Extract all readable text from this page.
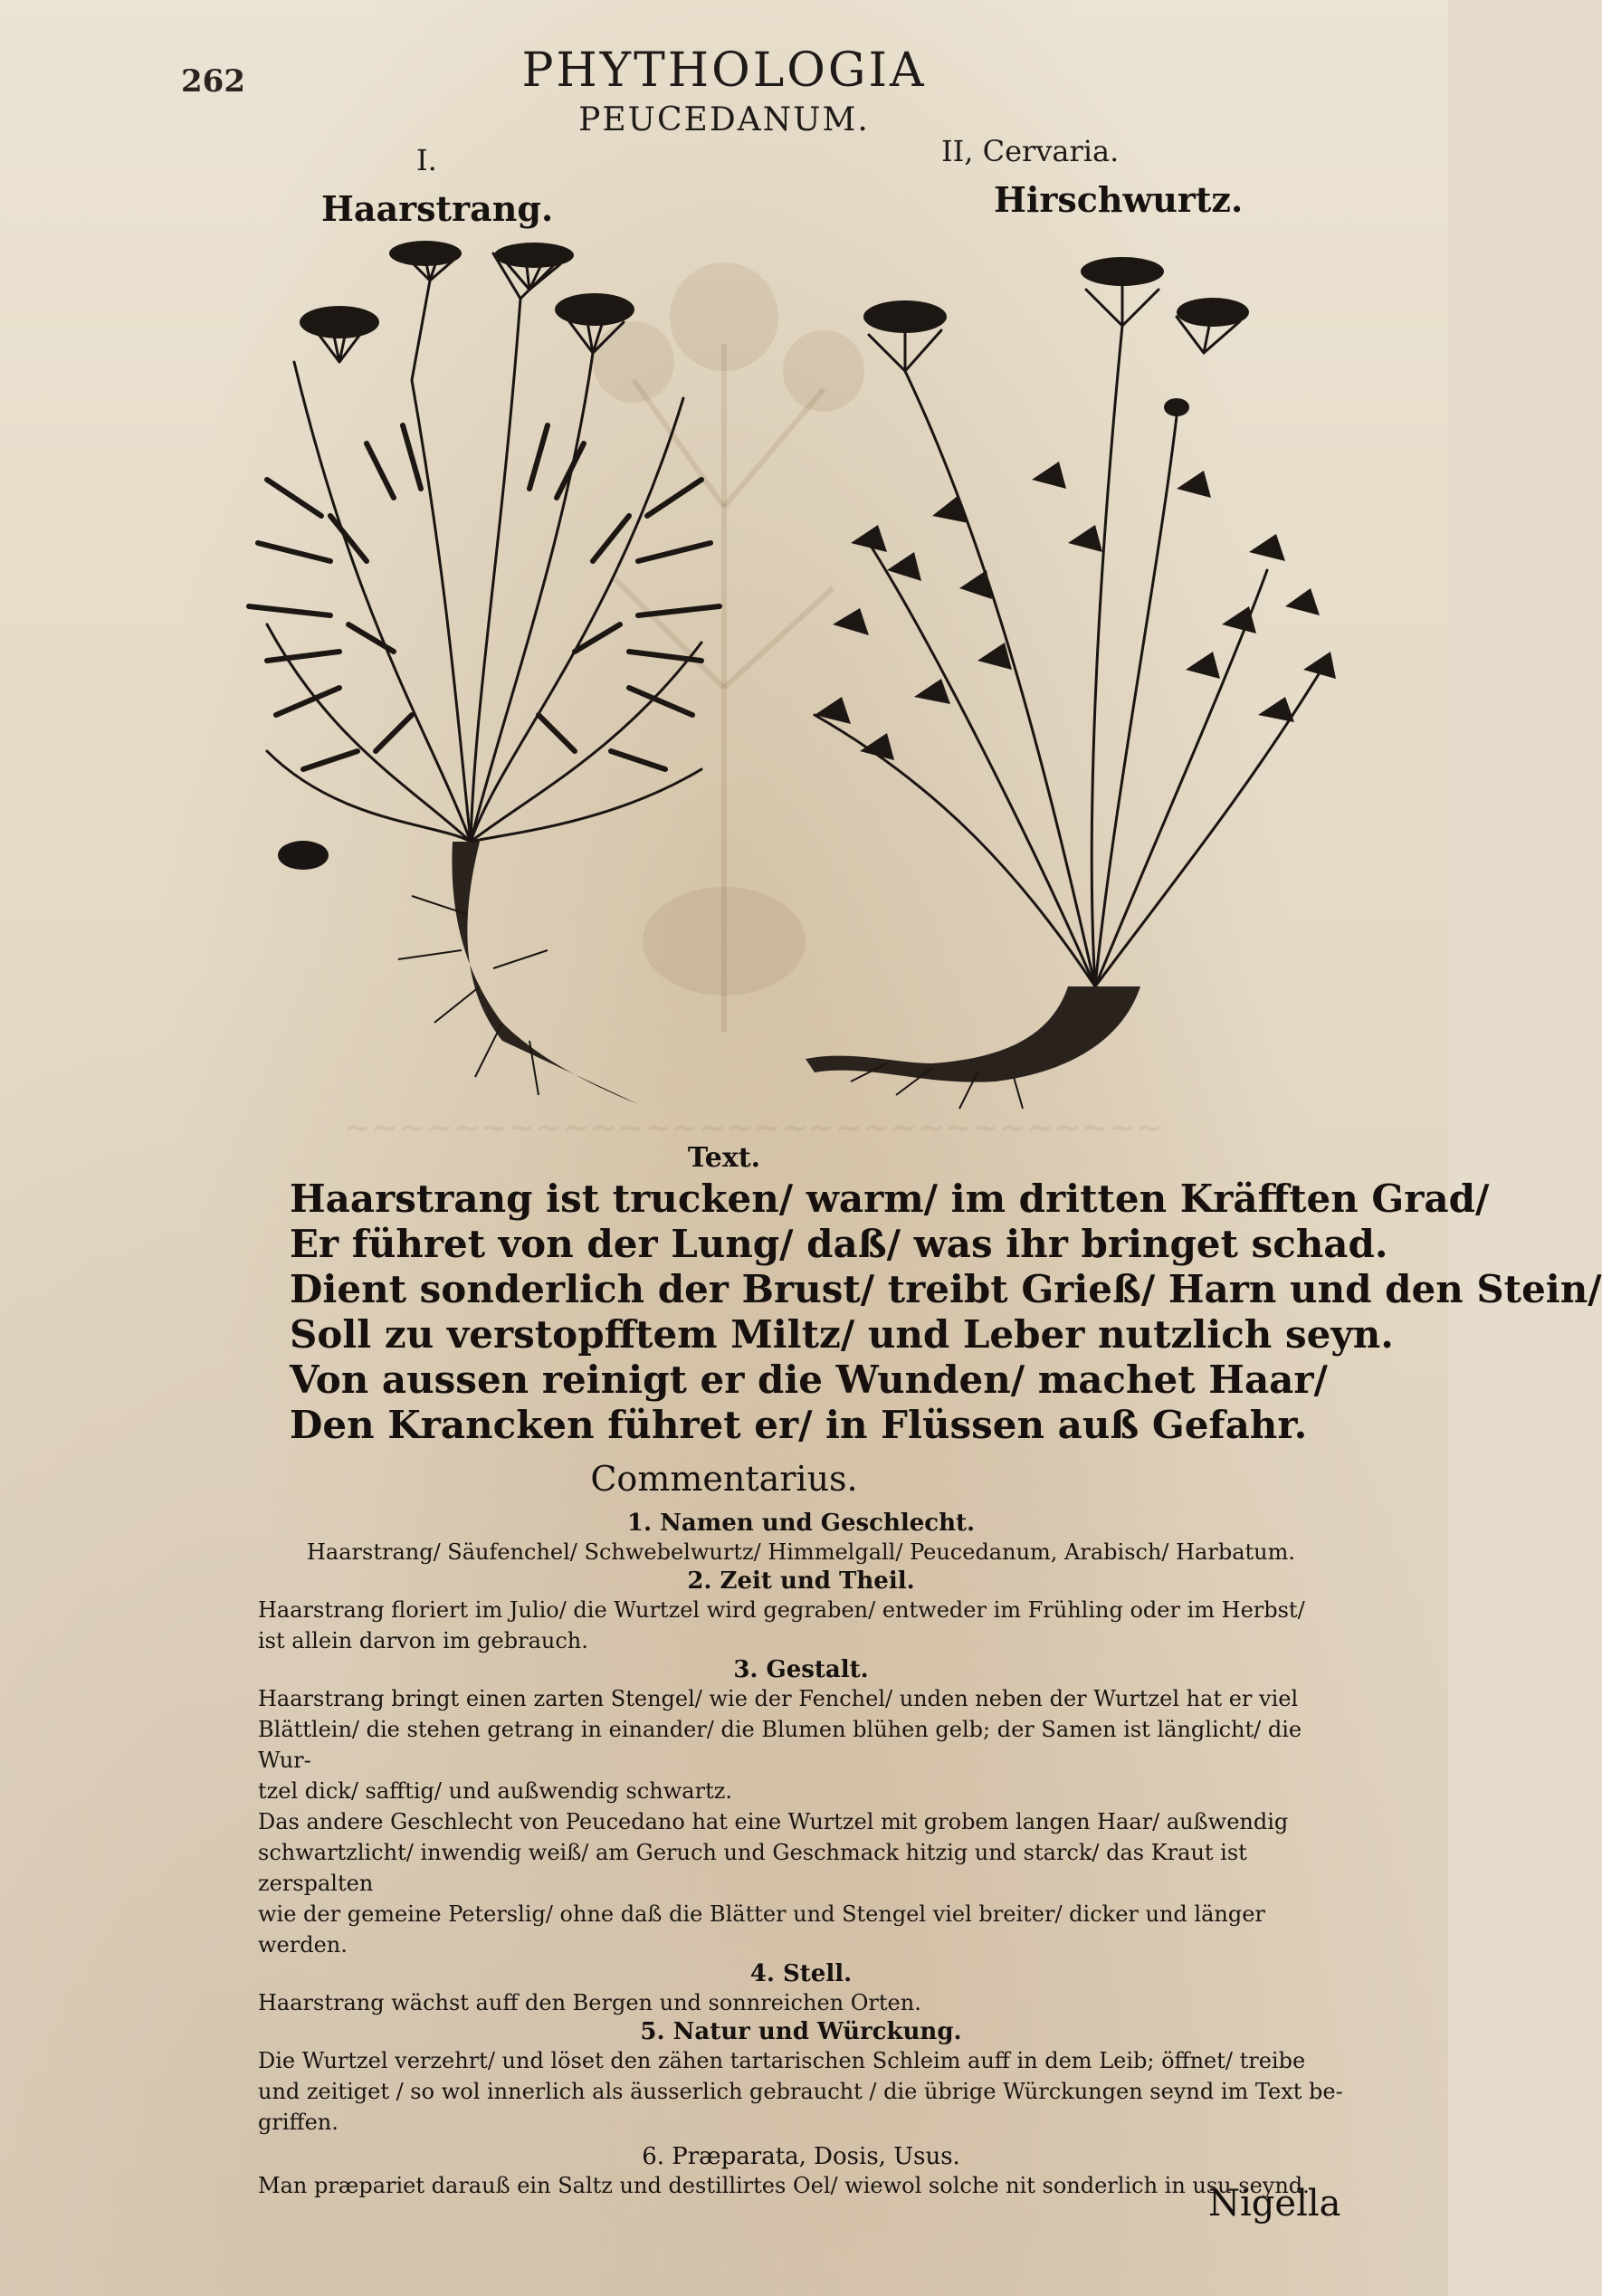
262	PHYTHOLOGIA
PEUCEDANUM.
I.
Haarstrang.
II, Cervaria.
Hirschwurtz.
~~~~~~~~~~~~~~~~~~~~~~~~~~~~~~
Text.
Haarstrang ist trucken/ warm/ im dritten Kräfften Grad/
Er führet von der Lung/ daß/ was ihr bringet schad.
Dient sonderlich der Brust/ treibt Grieß/ Harn und den Stein/
Soll zu verstopfftem Miltz/ und Leber nutzlich seyn.
Von aussen reinigt er die Wunden/ machet Haar/
Den Krancken führet er/ in Flüssen auß Gefahr.
Commentarius.
1. Namen und Geschlecht.
Haarstrang/ Säufenchel/ Schwebelwurtz/ Himmelgall/ Peucedanum, Arabisch/ Harbatum.
2. Zeit und Theil.
Haarstrang floriert im Julio/ die Wurtzel wird gegraben/ entweder im Frühling oder im Herbst/
ist allein darvon im gebrauch.
3. Gestalt.
Haarstrang bringt einen zarten Stengel/ wie der Fenchel/ unden neben der Wurtzel hat er viel
Blättlein/ die stehen getrang in einander/ die Blumen blühen gelb; der Samen ist länglicht/ die Wur-
tzel dick/ safftig/ und außwendig schwartz.
Das andere Geschlecht von Peucedano hat eine Wurtzel mit grobem langen Haar/ außwendig
schwartzlicht/ inwendig weiß/ am Geruch und Geschmack hitzig und starck/ das Kraut ist zerspalten
wie der gemeine Peterslig/ ohne daß die Blätter und Stengel viel breiter/ dicker und länger werden.
4. Stell.
Haarstrang wächst auff den Bergen und sonnreichen Orten.
5. Natur und Würckung.
Die Wurtzel verzehrt/ und löset den zähen tartarischen Schleim auff in dem Leib; öffnet/ treibe
und zeitiget / so wol innerlich als äusserlich gebraucht / die übrige Würckungen seynd im Text be-
griffen.
6. Præparata, Dosis, Usus.
Man præpariet darauß ein Saltz und destillirtes Oel/ wiewol solche nit sonderlich in usu seynd.
Nigella
